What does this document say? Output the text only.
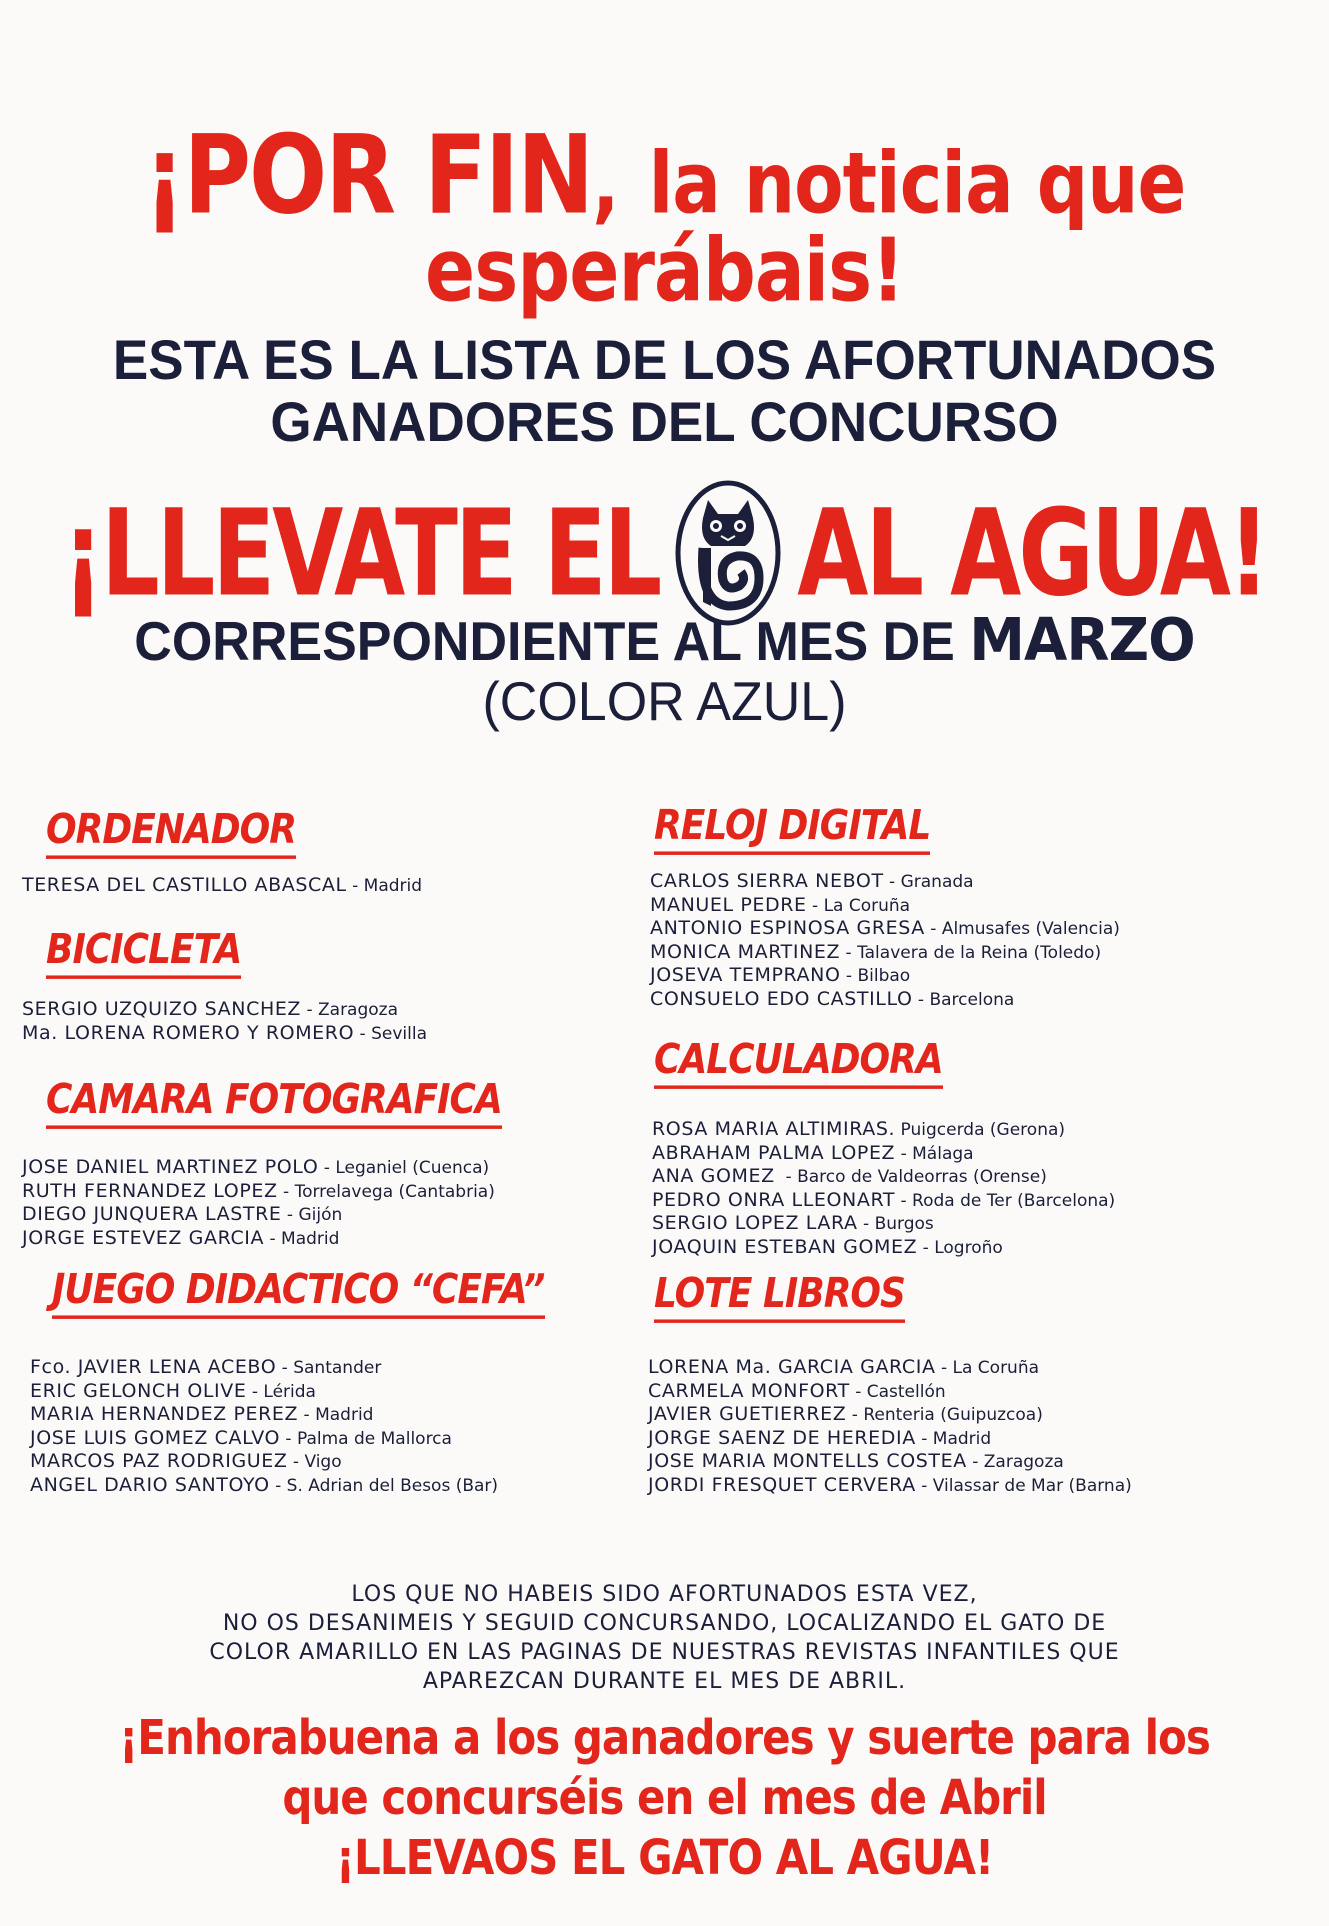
¡POR FIN, la noticia que
esperábais!
ESTA ES LA LISTA DE LOS AFORTUNADOS
GANADORES DEL CONCURSO
¡LLEVATE EL AL AGUA!
CORRESPONDIENTE AL MES DE MARZO
(COLOR AZUL)
ORDENADOR
TERESA DEL CASTILLO ABASCAL - Madrid
BICICLETA
SERGIO UZQUIZO SANCHEZ - Zaragoza
Ma. LORENA ROMERO Y ROMERO - Sevilla
CAMARA FOTOGRAFICA
JOSE DANIEL MARTINEZ POLO - Leganiel (Cuenca)
RUTH FERNANDEZ LOPEZ - Torrelavega (Cantabria)
DIEGO JUNQUERA LASTRE - Gijón
JORGE ESTEVEZ GARCIA - Madrid
JUEGO DIDACTICO “CEFA”
Fco. JAVIER LENA ACEBO - Santander
ERIC GELONCH OLIVE - Lérida
MARIA HERNANDEZ PEREZ - Madrid
JOSE LUIS GOMEZ CALVO - Palma de Mallorca
MARCOS PAZ RODRIGUEZ - Vigo
ANGEL DARIO SANTOYO - S. Adrian del Besos (Bar)
RELOJ DIGITAL
CARLOS SIERRA NEBOT - Granada
MANUEL PEDRE - La Coruña
ANTONIO ESPINOSA GRESA - Almusafes (Valencia)
MONICA MARTINEZ - Talavera de la Reina (Toledo)
JOSEVA TEMPRANO - Bilbao
CONSUELO EDO CASTILLO - Barcelona
CALCULADORA
ROSA MARIA ALTIMIRAS. Puigcerda (Gerona)
ABRAHAM PALMA LOPEZ - Málaga
ANA GOMEZ  - Barco de Valdeorras (Orense)
PEDRO ONRA LLEONART - Roda de Ter (Barcelona)
SERGIO LOPEZ LARA - Burgos
JOAQUIN ESTEBAN GOMEZ - Logroño
LOTE LIBROS
LORENA Ma. GARCIA GARCIA - La Coruña
CARMELA MONFORT - Castellón
JAVIER GUETIERREZ - Renteria (Guipuzcoa)
JORGE SAENZ DE HEREDIA - Madrid
JOSE MARIA MONTELLS COSTEA - Zaragoza
JORDI FRESQUET CERVERA - Vilassar de Mar (Barna)
LOS QUE NO HABEIS SIDO AFORTUNADOS ESTA VEZ,
NO OS DESANIMEIS Y SEGUID CONCURSANDO, LOCALIZANDO EL GATO DE
COLOR AMARILLO EN LAS PAGINAS DE NUESTRAS REVISTAS INFANTILES QUE
APAREZCAN DURANTE EL MES DE ABRIL.
¡Enhorabuena a los ganadores y suerte para los
que concurséis en el mes de Abril
¡LLEVAOS EL GATO AL AGUA!
